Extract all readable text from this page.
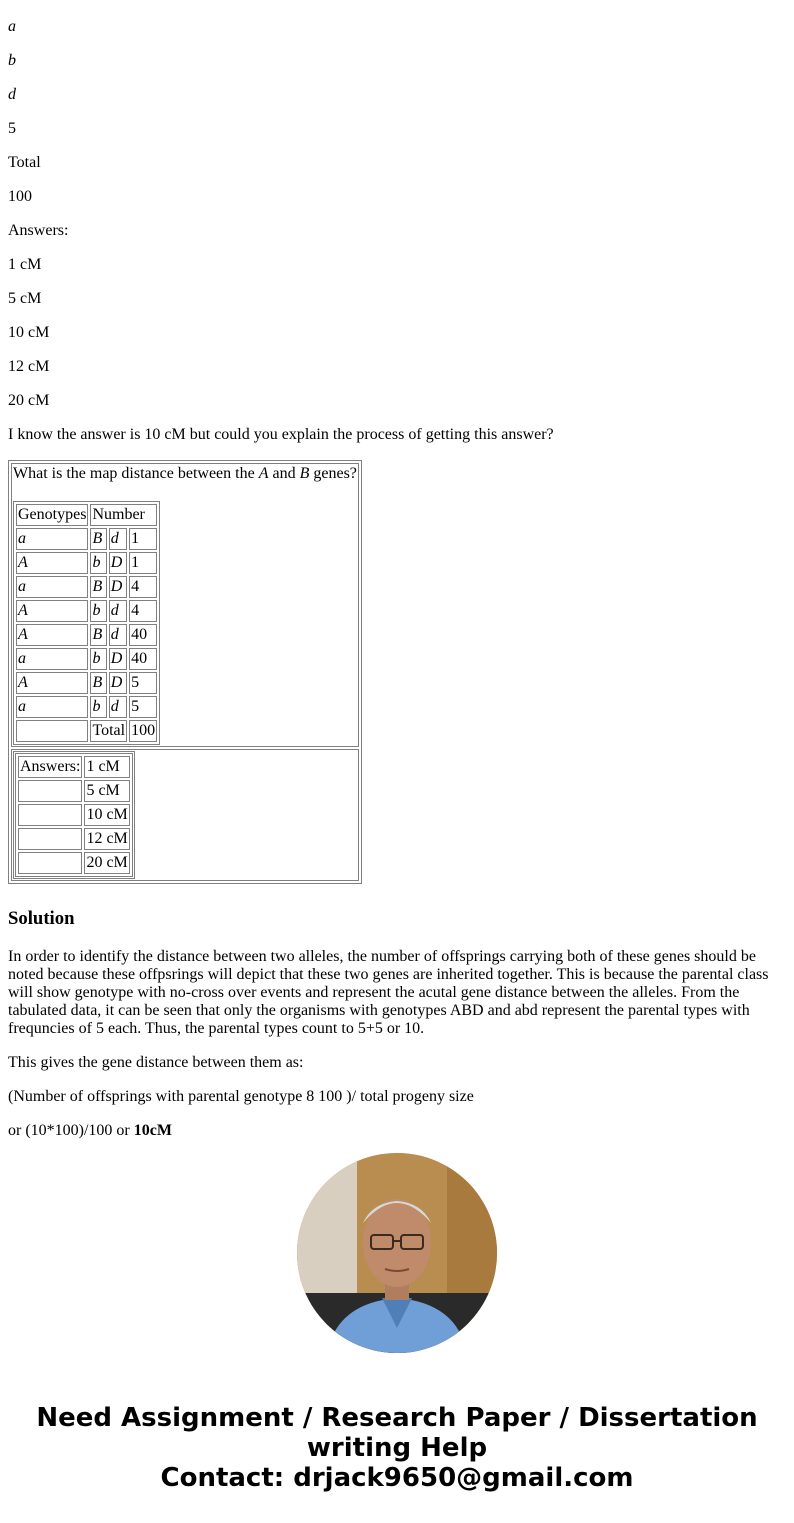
a

b

d

5

Total

100

Answers:

1 cM

5 cM

10 cM

12 cM

20 cM

I know the answer is 10 cM but could you explain the process of getting this answer?

What is the map distance between the A and B genes?
Genotypes	Number
a	B	d	1
A	b	D	1
a	B	D	4
A	b	d	4
A	B	d	40
a	b	D	40
A	B	D	5
a	b	d	5
	Total	100

Answers:	1 cM
	5 cM
	10 cM
	12 cM
	20 cM
Solution

In order to identify the distance between two alleles, the number of offsprings carrying both of these genes should be noted because these offpsrings will depict that these two genes are inherited together. This is because the parental class will show genotype with no-cross over events and represent the acutal gene distance between the alleles. From the tabulated data, it can be seen that only the organisms with genotypes ABD and abd represent the parental types with frequncies of 5 each. Thus, the parental types count to 5+5 or 10.

This gives the gene distance between them as:

(Number of offsprings with parental genotype 8 100 )/ total progeny size

or (10*100)/100 or 10cM

Need Assignment / Research Paper / Dissertation
writing Help
Contact: drjack9650@gmail.com
